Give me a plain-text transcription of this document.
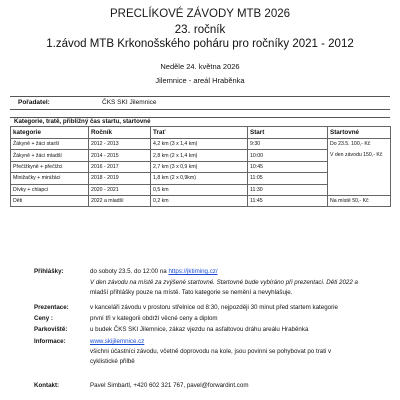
PRECLÍKOVÉ ZÁVODY MTB 2026
23. ročník
1.závod MTB Krkonošského poháru pro ročníky 2021 - 2012
Neděle 24. května 2026
Jilemnice - areál Hraběnka
Pořadatel:	ČKS SKI Jilemnice
Kategorie, tratě, přibližný čas startu, startovné
kategorie	Ročník	Trať	Start	Startovné
Žákyně + žáci starší	2012 - 2013	4,2 km (3 x 1,4 km)	9:30	Do 23.5. 100,- Kč
V den závodu 150,- Kč

Žákyně + žáci mladší	2014 - 2015	2,8 km (2 x 1,4 km)	10:00	
Přečížkyně + přečížci	2016 - 2017	2,7 km (3 x 0,9 km)	10:45	
Minižačky + minižáci	2018 - 2019	1,8 km (2 x 0,9km)	11:05	
Dívky + chlapci	2020 - 2021	0,5 km	11:30	
Děti	2022 a mladší	0,2 km	11:45	Na místě 50,- Kč
Přihlášky:	do soboty 23.5. do 12:00 na https://jktiming.cz/
V den závodu na místě za zvýšené startovné. Startovné bude vybíráno při prezentaci. Děti 2022 a
mladší přihlášky pouze na místě. Tato kategorie se nemění a nevyhlašuje.
Prezentace:	v kanceláři závodu v prostoru střelnice od 8:30, nejpozději 30 minut před startem kategorie
Ceny :	první tři v kategorii obdrží věcné ceny a diplom
Parkoviště:	u budek ČKS SKI Jilemnice, zákaz vjezdu na asfaltovou dráhu areálu Hraběnka
Informace:	www.skijilemnice.cz
všichni účastníci závodu, včetně doprovodu na kole, jsou povinni se pohybovat po trati v
cyklistické přilbě
Kontakt:	Pavel Simbartl, +420 602 321 767, pavel@forwardint.com
